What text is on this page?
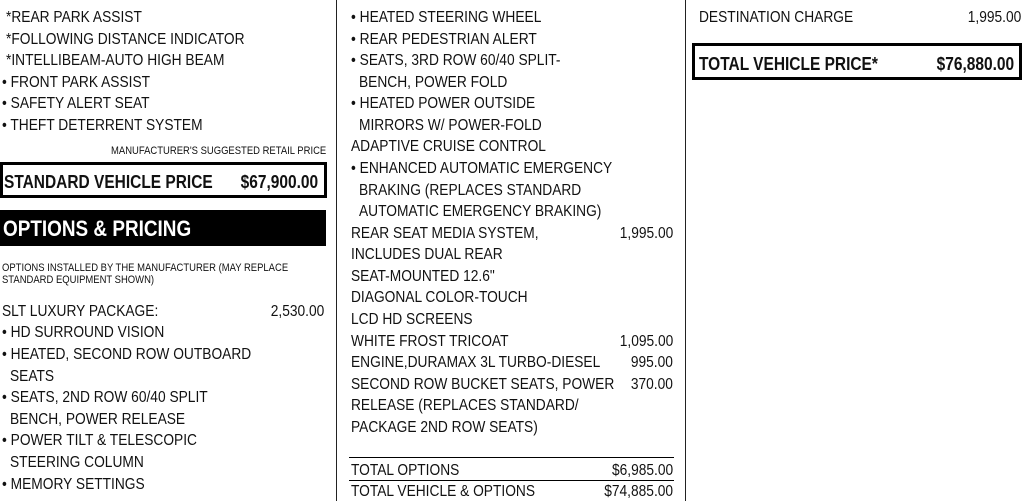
*REAR PARK ASSIST
*FOLLOWING DISTANCE INDICATOR
*INTELLIBEAM-AUTO HIGH BEAM
• FRONT PARK ASSIST
• SAFETY ALERT SEAT
• THEFT DETERRENT SYSTEM
MANUFACTURER'S SUGGESTED RETAIL PRICE
STANDARD VEHICLE PRICE $67,900.00
OPTIONS & PRICING
OPTIONS INSTALLED BY THE MANUFACTURER (MAY REPLACE
STANDARD EQUIPMENT SHOWN)
SLT LUXURY PACKAGE:	2,530.00
• HD SURROUND VISION
• HEATED, SECOND ROW OUTBOARD
SEATS
• SEATS, 2ND ROW 60/40 SPLIT
BENCH, POWER RELEASE
• POWER TILT & TELESCOPIC
STEERING COLUMN
• MEMORY SETTINGS
• HEATED STEERING WHEEL
• REAR PEDESTRIAN ALERT
• SEATS, 3RD ROW 60/40 SPLIT-
BENCH, POWER FOLD
• HEATED POWER OUTSIDE
MIRRORS W/ POWER-FOLD
ADAPTIVE CRUISE CONTROL
• ENHANCED AUTOMATIC EMERGENCY
BRAKING (REPLACES STANDARD
AUTOMATIC EMERGENCY BRAKING)
REAR SEAT MEDIA SYSTEM,	1,995.00
INCLUDES DUAL REAR
SEAT-MOUNTED 12.6"
DIAGONAL COLOR-TOUCH
LCD HD SCREENS
WHITE FROST TRICOAT	1,095.00
ENGINE,DURAMAX 3L TURBO-DIESEL 995.00
SECOND ROW BUCKET SEATS, POWER 370.00
RELEASE (REPLACES STANDARD/
PACKAGE 2ND ROW SEATS)
TOTAL OPTIONS	$6,985.00
TOTAL VEHICLE & OPTIONS	$74,885.00
DESTINATION CHARGE	1,995.00
TOTAL VEHICLE PRICE*	$76,880.00
